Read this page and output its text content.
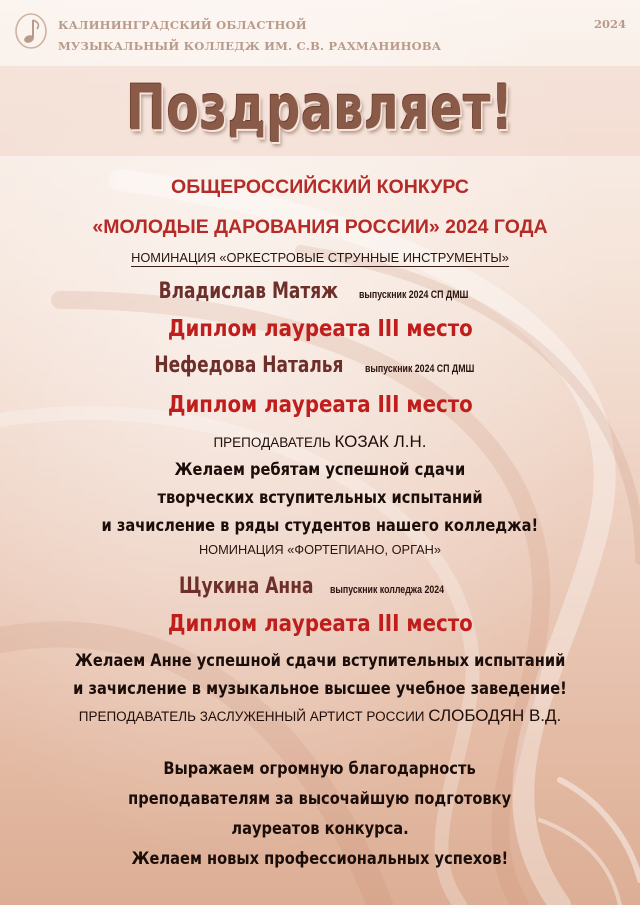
КАЛИНИНГРАДСКИЙ ОБЛАСТНОЙ
МУЗЫКАЛЬНЫЙ КОЛЛЕДЖ ИМ. С.В. РАХМАНИНОВА
2024
Поздравляет!
ОБЩЕРОССИЙСКИЙ КОНКУРС
«МОЛОДЫЕ ДАРОВАНИЯ РОССИИ» 2024 ГОДА
НОМИНАЦИЯ «ОРКЕСТРОВЫЕ СТРУННЫЕ ИНСТРУМЕНТЫ»
Владислав Матяж выпускник 2024 СП ДМШ
Диплом лауреата III место
Нефедова Наталья выпускник 2024 СП ДМШ
Диплом лауреата III место
ПРЕПОДАВАТЕЛЬ КОЗАК Л.Н.
Желаем ребятам успешной сдачи
творческих вступительных испытаний
и зачисление в ряды студентов нашего колледжа!
НОМИНАЦИЯ «ФОРТЕПИАНО, ОРГАН»
Щукина Анна выпускник колледжа 2024
Диплом лауреата III место
Желаем Анне успешной сдачи вступительных испытаний
и зачисление в музыкальное высшее учебное заведение!
ПРЕПОДАВАТЕЛЬ ЗАСЛУЖЕННЫЙ АРТИСТ РОССИИ СЛОБОДЯН В.Д.
Выражаем огромную благодарность
преподавателям за высочайшую подготовку
лауреатов конкурса.
Желаем новых профессиональных успехов!
